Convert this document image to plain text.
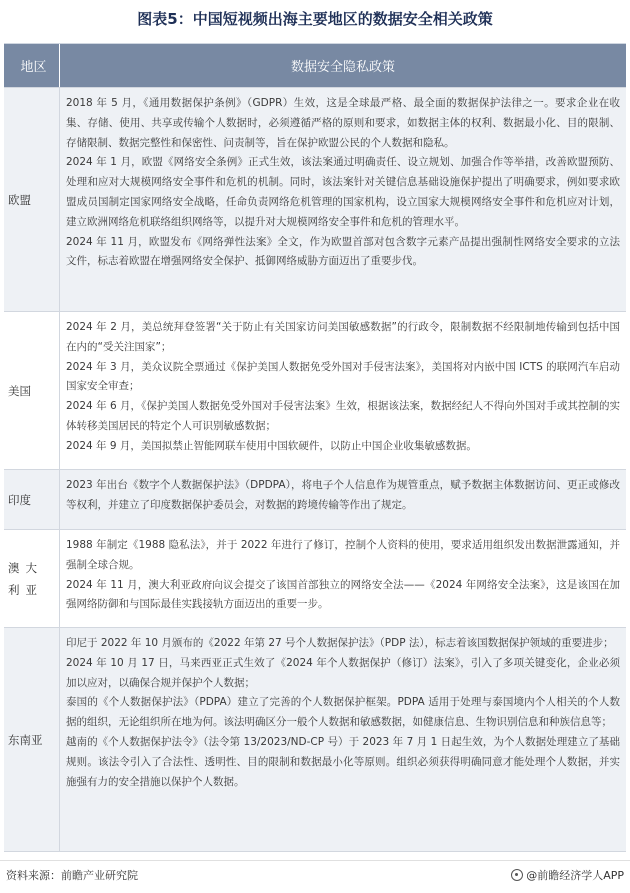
图表5：中国短视频出海主要地区的数据安全相关政策
地区	数据安全隐私政策
欧盟

2018 年 5 月，《通用数据保护条例》（GDPR）生效，这是全球最严格、最全面的数据保护法律之一。要求企业在收集、存储、使用、共享或传输个人数据时，必须遵循严格的原则和要求，如数据主体的权利、数据最小化、目的限制、存储限制、数据完整性和保密性、问责制等，旨在保护欧盟公民的个人数据和隐私。

2024 年 1 月，欧盟《网络安全条例》正式生效，该法案通过明确责任、设立规划、加强合作等举措，改善欧盟预防、处理和应对大规模网络安全事件和危机的机制。同时，该法案针对关键信息基础设施保护提出了明确要求，例如要求欧盟成员国制定国家网络安全战略，任命负责网络危机管理的国家机构，设立国家大规模网络安全事件和危机应对计划，建立欧洲网络危机联络组织网络等，以提升对大规模网络安全事件和危机的管理水平。

2024 年 11 月，欧盟发布《网络弹性法案》全文，作为欧盟首部对包含数字元素产品提出强制性网络安全要求的立法文件，标志着欧盟在增强网络安全保护、抵御网络威胁方面迈出了重要步伐。

美国

2024 年 2 月，美总统拜登签署“关于防止有关国家访问美国敏感数据”的行政令，限制数据不经限制地传输到包括中国在内的“受关注国家”；

2024 年 3 月，美众议院全票通过《保护美国人数据免受外国对手侵害法案》，美国将对内嵌中国 ICTS 的联网汽车启动国家安全审查；

2024 年 6 月，《保护美国人数据免受外国对手侵害法案》生效，根据该法案，数据经纪人不得向外国对手或其控制的实体转移美国居民的特定个人可识别敏感数据；

2024 年 9 月，美国拟禁止智能网联车使用中国软硬件，以防止中国企业收集敏感数据。

印度

2023 年出台《数字个人数据保护法》（DPDPA），将电子个人信息作为规管重点，赋予数据主体数据访问、更正或修改等权利，并建立了印度数据保护委员会，对数据的跨境传输等作出了规定。

澳大利亚

1988 年制定《1988 隐私法》，并于 2022 年进行了修订，控制个人资料的使用，要求适用组织发出数据泄露通知，并强制全球合规。

2024 年 11 月，澳大利亚政府向议会提交了该国首部独立的网络安全法——《2024 年网络安全法案》，这是该国在加强网络防御和与国际最佳实践接轨方面迈出的重要一步。

东南亚

印尼于 2022 年 10 月颁布的《2022 年第 27 号个人数据保护法》（PDP 法），标志着该国数据保护领域的重要进步；

2024 年 10 月 17 日，马来西亚正式生效了《2024 年个人数据保护（修订）法案》，引入了多项关键变化，企业必须加以应对，以确保合规并保护个人数据；

泰国的《个人数据保护法》（PDPA）建立了完善的个人数据保护框架。PDPA 适用于处理与泰国境内个人相关的个人数据的组织，无论组织所在地为何。该法明确区分一般个人数据和敏感数据，如健康信息、生物识别信息和种族信息等；

越南的《个人数据保护法令》（法令第 13/2023/ND-CP 号）于 2023 年 7 月 1 日起生效，为个人数据处理建立了基础规则。该法令引入了合法性、透明性、目的限制和数据最小化等原则。组织必须获得明确同意才能处理个人数据，并实施强有力的安全措施以保护个人数据。

资料来源：前瞻产业研究院	@前瞻经济学人APP
